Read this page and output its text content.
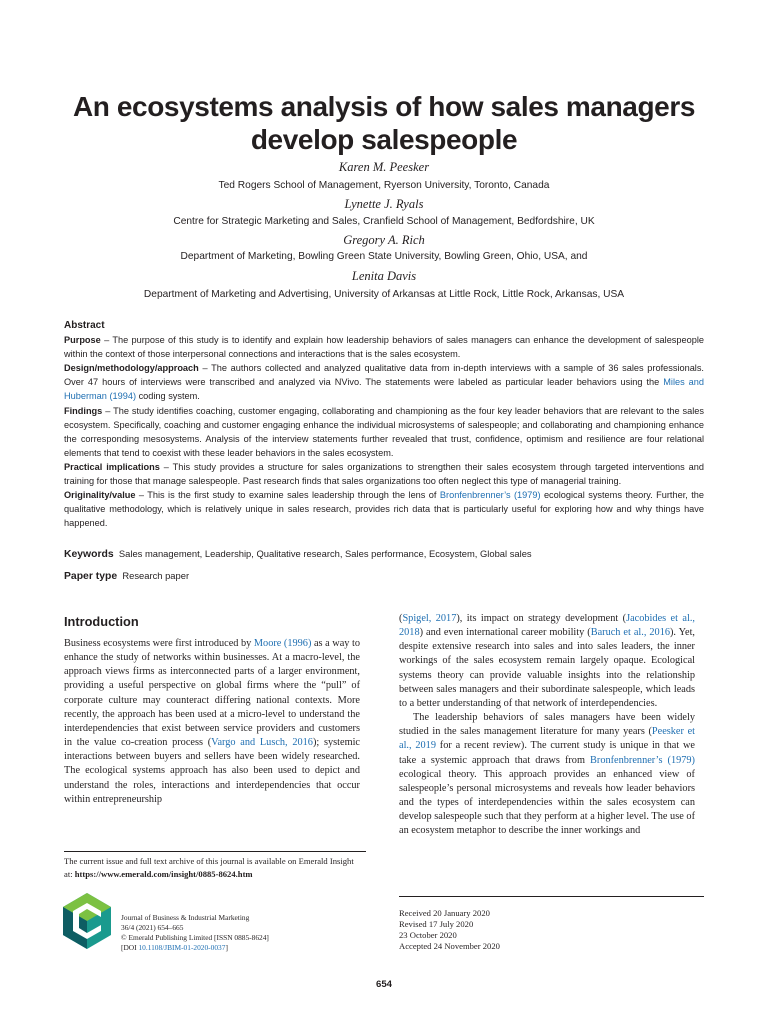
An ecosystems analysis of how sales managers develop salespeople
Karen M. Peesker
Ted Rogers School of Management, Ryerson University, Toronto, Canada
Lynette J. Ryals
Centre for Strategic Marketing and Sales, Cranfield School of Management, Bedfordshire, UK
Gregory A. Rich
Department of Marketing, Bowling Green State University, Bowling Green, Ohio, USA, and
Lenita Davis
Department of Marketing and Advertising, University of Arkansas at Little Rock, Little Rock, Arkansas, USA

Abstract

Purpose – The purpose of this study is to identify and explain how leadership behaviors of sales managers can enhance the development of salespeople within the context of those interpersonal connections and interactions that is the sales ecosystem.

Design/methodology/approach – The authors collected and analyzed qualitative data from in-depth interviews with a sample of 36 sales professionals. Over 47 hours of interviews were transcribed and analyzed via NVivo. The statements were labeled as particular leader behaviors using the Miles and Huberman (1994) coding system.

Findings – The study identifies coaching, customer engaging, collaborating and championing as the four key leader behaviors that are relevant to the sales ecosystem. Specifically, coaching and customer engaging enhance the individual microsystems of salespeople; and collaborating and championing enhance the corresponding mesosystems. Analysis of the interview statements further revealed that trust, confidence, optimism and resilience are four relational elements that tend to coexist with these leader behaviors in the sales ecosystem.

Practical implications – This study provides a structure for sales organizations to strengthen their sales ecosystem through targeted interventions and training for those that manage salespeople. Past research finds that sales organizations too often neglect this type of managerial training.

Originality/value – This is the first study to examine sales leadership through the lens of Bronfenbrenner’s (1979) ecological systems theory. Further, the qualitative methodology, which is relatively unique in sales research, provides rich data that is particularly useful for exploring how and why things have happened.

Keywords Sales management, Leadership, Qualitative research, Sales performance, Ecosystem, Global sales
Paper type Research paper
Introduction

Business ecosystems were first introduced by Moore (1996) as a way to enhance the study of networks within businesses. At a macro-level, the approach views firms as interconnected parts of a larger environment, providing a useful perspective on global firms where the “pull” of corporate culture may counteract differing national contexts. More recently, the approach has been used at a micro-level to understand the interdependencies that exist between service providers and customers in the value co-creation process (Vargo and Lusch, 2016); systemic interactions between buyers and sellers have been widely researched. The ecological systems approach has also been used to depict and understand the roles, interactions and interdependencies that occur within entrepreneurship

(Spigel, 2017), its impact on strategy development (Jacobides et al., 2018) and even international career mobility (Baruch et al., 2016). Yet, despite extensive research into sales and into sales leaders, the inner workings of the sales ecosystem remain largely opaque. Ecological systems theory can provide valuable insights into the relationship between sales managers and their subordinate salespeople, which leads to a better understanding of that network of interdependencies.

The leadership behaviors of sales managers have been widely studied in the sales management literature for many years (Peesker et al., 2019 for a recent review). The current study is unique in that we take a systemic approach that draws from Bronfenbrenner’s (1979) ecological theory. This approach provides an enhanced view of salespeople’s personal microsystems and reveals how leader behaviors and the types of interdependencies within the sales ecosystem can develop salespeople such that they perform at a higher level. The use of an ecosystem metaphor to describe the inner workings and

The current issue and full text archive of this journal is available on Emerald Insight at: https://www.emerald.com/insight/0885-8624.htm
Journal of Business & Industrial Marketing
36/4 (2021) 654–665
© Emerald Publishing Limited [ISSN 0885-8624]
[DOI 10.1108/JBIM-01-2020-0037]
Received 20 January 2020
Revised 17 July 2020
23 October 2020
Accepted 24 November 2020
654
